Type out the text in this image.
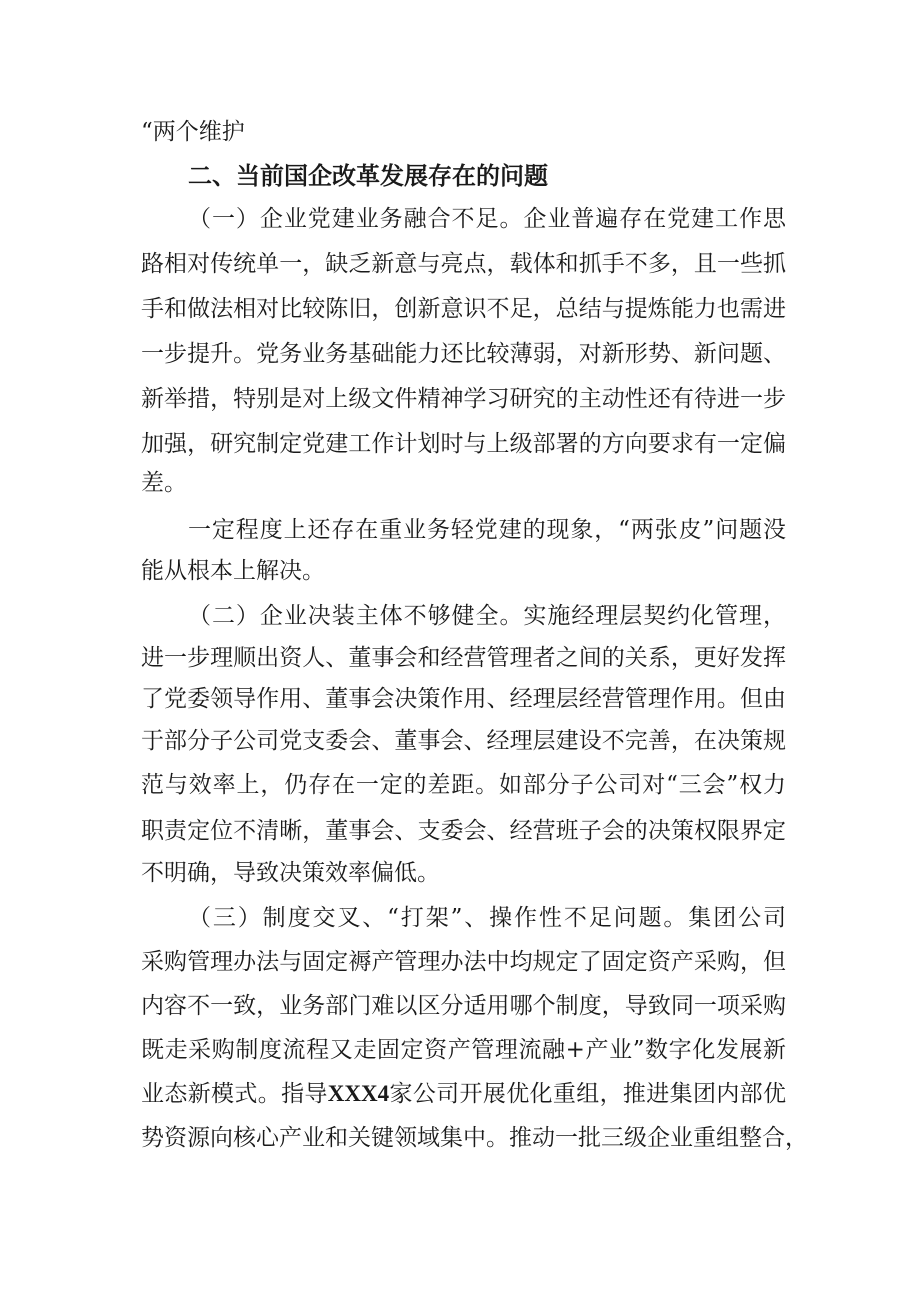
“两个维护
二、当前国企改革发展存在的问题
（一）企业党建业务融合不足。企业普遍存在党建工作思
路相对传统单一，缺乏新意与亮点，载体和抓手不多，且一些抓
手和做法相对比较陈旧，创新意识不足，总结与提炼能力也需进
一步提升。党务业务基础能力还比较薄弱，对新形势、新问题、
新举措，特别是对上级文件精神学习研究的主动性还有待进一步
加强，研究制定党建工作计划时与上级部署的方向要求有一定偏
差。
一定程度上还存在重业务轻党建的现象，“两张皮”问题没
能从根本上解决。
（二）企业决装主体不够健全。实施经理层契约化管理，
进一步理顺出资人、董事会和经营管理者之间的关系，更好发挥
了党委领导作用、董事会决策作用、经理层经营管理作用。但由
于部分子公司党支委会、董事会、经理层建设不完善，在决策规
范与效率上，仍存在一定的差距。如部分子公司对“三会”权力
职责定位不清晰，董事会、支委会、经营班子会的决策权限界定
不明确，导致决策效率偏低。
（三）制度交叉、“打架”、操作性不足问题。集团公司
采购管理办法与固定褥产管理办法中均规定了固定资产采购，但
内容不一致，业务部门难以区分适用哪个制度，导致同一项采购
既走采购制度流程又走固定资产管理流融+产业”数字化发展新
业态新模式。指导XXX4家公司开展优化重组，推进集团内部优
势资源向核心产业和关键领域集中。推动一批三级企业重组整合，
